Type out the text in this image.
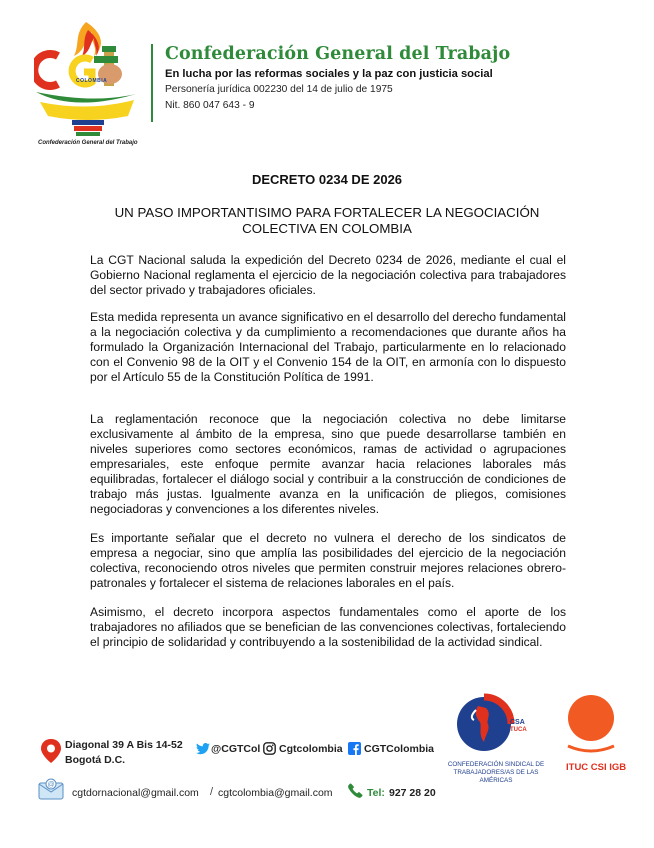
COLOMBIA
Confederación General del Trabajo
Confederación General del Trabajo
En lucha por las reformas sociales y la paz con justicia social
Personería jurídica 002230 del 14 de julio de 1975
Nit. 860 047 643 - 9
DECRETO 0234 DE 2026
UN PASO IMPORTANTISIMO PARA FORTALECER LA NEGOCIACIÓN COLECTIVA EN COLOMBIA
La CGT Nacional saluda la expedición del Decreto 0234 de 2026, mediante el cual el Gobierno Nacional reglamenta el ejercicio de la negociación colectiva para trabajadores del sector privado y trabajadores oficiales.
Esta medida representa un avance significativo en el desarrollo del derecho fundamental a la negociación colectiva y da cumplimiento a recomendaciones que durante años ha formulado la Organización Internacional del Trabajo, particularmente en lo relacionado con el Convenio 98 de la OIT y el Convenio 154 de la OIT, en armonía con lo dispuesto por el Artículo 55 de la Constitución Política de 1991.
La reglamentación reconoce que la negociación colectiva no debe limitarse exclusivamente al ámbito de la empresa, sino que puede desarrollarse también en niveles superiores como sectores económicos, ramas de actividad o agrupaciones empresariales, este enfoque permite avanzar hacia relaciones laborales más equilibradas, fortalecer el diálogo social y contribuir a la construcción de condiciones de trabajo más justas. Igualmente avanza en la unificación de pliegos, comisiones negociadoras y convenciones a los diferentes niveles.
Es importante señalar que el decreto no vulnera el derecho de los sindicatos de empresa a negociar, sino que amplía las posibilidades del ejercicio de la negociación colectiva, reconociendo otros niveles que permiten construir mejores relaciones obrero-patronales y fortalecer el sistema de relaciones laborales en el país.
Asimismo, el decreto incorpora aspectos fundamentales como el aporte de los trabajadores no afiliados que se benefician de las convenciones colectivas, fortaleciendo el principio de solidaridad y contribuyendo a la sostenibilidad de la actividad sindical.
Diagonal 39 A Bis 14-52
Bogotá D.C.
@CGTCol Cgtcolombia CGTColombia
@
cgtdornacional@gmail.com / cgtcolombia@gmail.com	Tel: 927 28 20
CSA
TUCA
CONFEDERACIÓN SINDICAL DE
TRABAJADORES/AS DE LAS AMÉRICAS
ITUC CSI IGB
